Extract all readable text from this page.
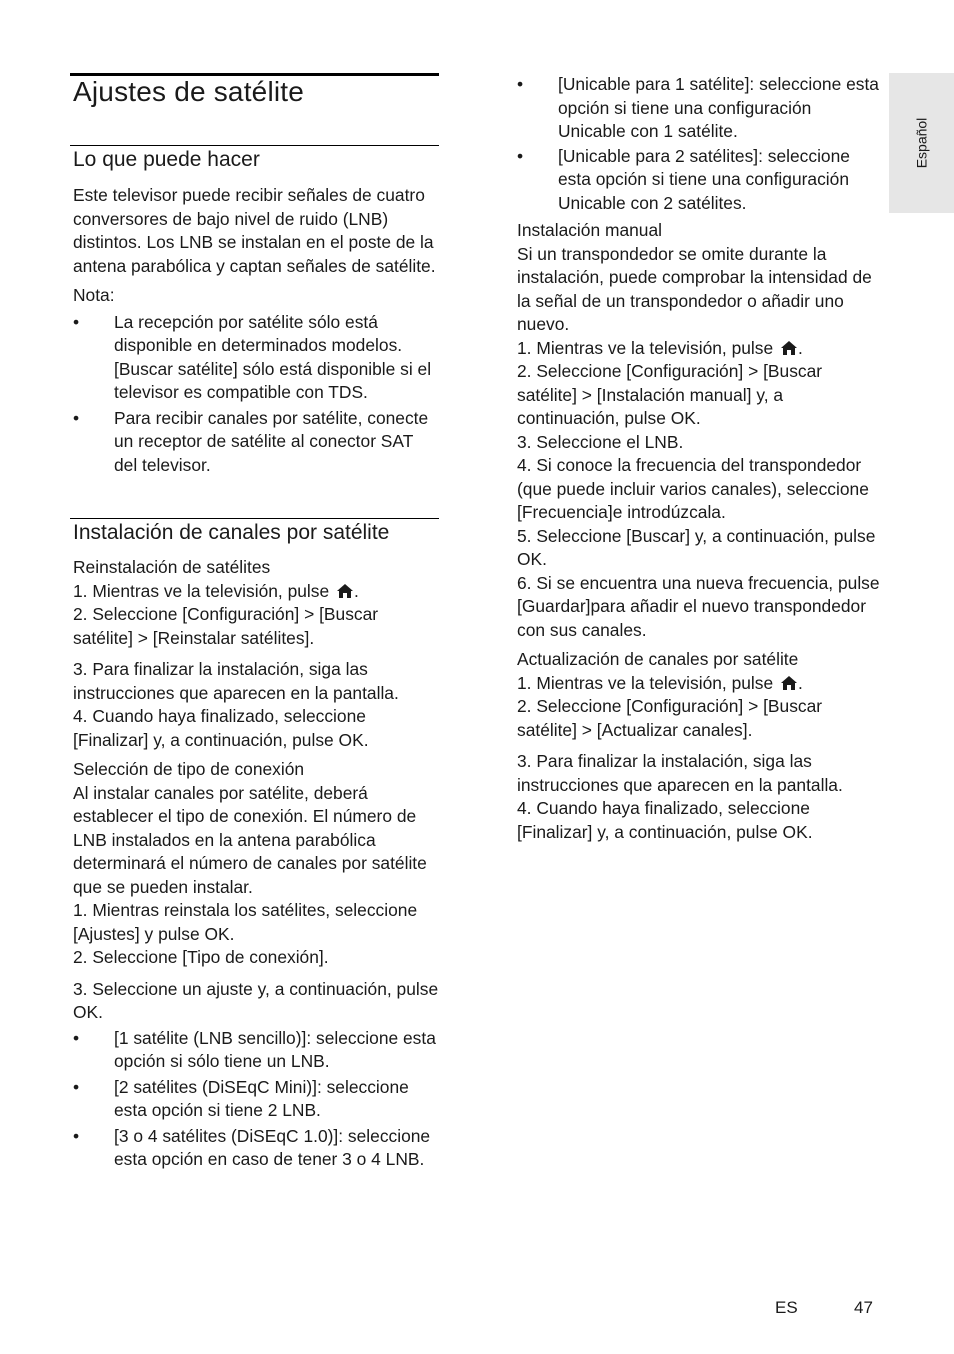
Ajustes de satélite
Español
Lo que puede hacer

Este televisor puede recibir señales de cuatro conversores de bajo nivel de ruido (LNB) distintos. Los LNB se instalan en el poste de la antena parabólica y captan señales de satélite.

Nota:

• La recepción por satélite sólo está disponible en determinados modelos. [Buscar satélite] sólo está disponible si el televisor es compatible con TDS.
• Para recibir canales por satélite, conecte un receptor de satélite al conector SAT del televisor.
Instalación de canales por satélite

Reinstalación de satélites

1. Mientras ve la televisión, pulse .

2. Seleccione [Configuración] > [Buscar satélite] > [Reinstalar satélites].

3. Para finalizar la instalación, siga las instrucciones que aparecen en la pantalla.

4. Cuando haya finalizado, seleccione [Finalizar] y, a continuación, pulse OK.

Selección de tipo de conexión

Al instalar canales por satélite, deberá establecer el tipo de conexión. El número de LNB instalados en la antena parabólica determinará el número de canales por satélite que se pueden instalar.

1. Mientras reinstala los satélites, seleccione [Ajustes] y pulse OK.

2. Seleccione [Tipo de conexión].

3. Seleccione un ajuste y, a continuación, pulse OK.

• [1 satélite (LNB sencillo)]: seleccione esta opción si sólo tiene un LNB.
• [2 satélites (DiSEqC Mini)]: seleccione esta opción si tiene 2 LNB.
• [3 o 4 satélites (DiSEqC 1.0)]: seleccione esta opción en caso de tener 3 o 4 LNB.
• [Unicable para 1 satélite]: seleccione esta opción si tiene una configuración Unicable con 1 satélite.
• [Unicable para 2 satélites]: seleccione esta opción si tiene una configuración Unicable con 2 satélites.

Instalación manual

Si un transpondedor se omite durante la instalación, puede comprobar la intensidad de la señal de un transpondedor o añadir uno nuevo.

1. Mientras ve la televisión, pulse .

2. Seleccione [Configuración] > [Buscar satélite] > [Instalación manual] y, a continuación, pulse OK.

3. Seleccione el LNB.

4. Si conoce la frecuencia del transpondedor (que puede incluir varios canales), seleccione [Frecuencia]e introdúzcala.

5. Seleccione [Buscar] y, a continuación, pulse OK.

6. Si se encuentra una nueva frecuencia, pulse [Guardar]para añadir el nuevo transpondedor con sus canales.

Actualización de canales por satélite

1. Mientras ve la televisión, pulse .

2. Seleccione [Configuración] > [Buscar satélite] > [Actualizar canales].

3. Para finalizar la instalación, siga las instrucciones que aparecen en la pantalla.

4. Cuando haya finalizado, seleccione [Finalizar] y, a continuación, pulse OK.

ES	47
